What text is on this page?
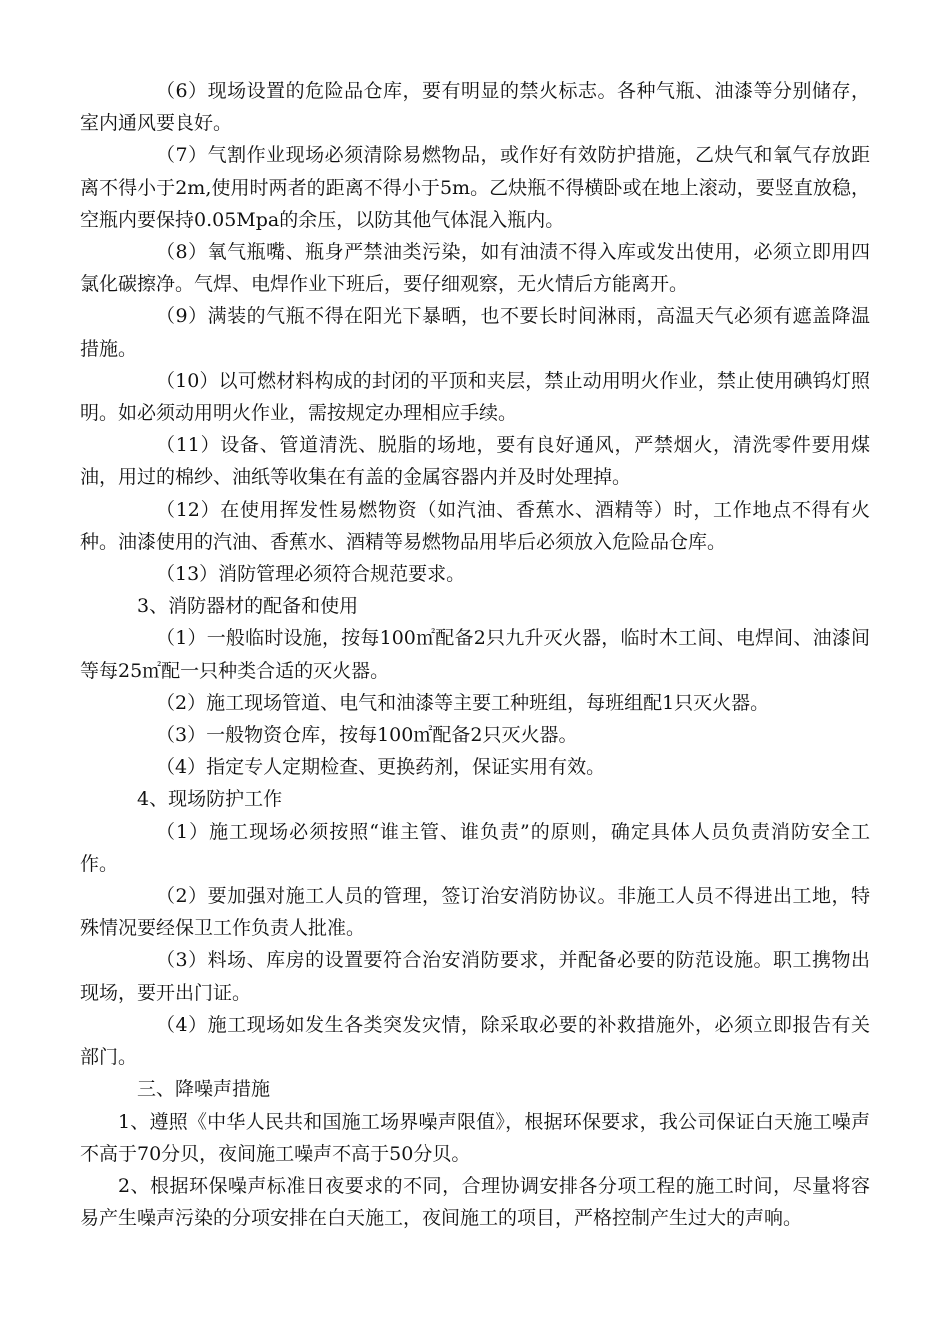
（6）现场设置的危险品仓库，要有明显的禁火标志。各种气瓶、油漆等分别储存，室内通风要良好。

（7）气割作业现场必须清除易燃物品，或作好有效防护措施，乙炔气和氧气存放距离不得小于2m,使用时两者的距离不得小于5m。乙炔瓶不得横卧或在地上滚动，要竖直放稳，空瓶内要保持0.05Mpa的余压，以防其他气体混入瓶内。

（8）氧气瓶嘴、瓶身严禁油类污染，如有油渍不得入库或发出使用，必须立即用四氯化碳擦净。气焊、电焊作业下班后，要仔细观察，无火情后方能离开。

（9）满装的气瓶不得在阳光下暴晒，也不要长时间淋雨，高温天气必须有遮盖降温措施。

（10）以可燃材料构成的封闭的平顶和夹层，禁止动用明火作业，禁止使用碘钨灯照明。如必须动用明火作业，需按规定办理相应手续。

（11）设备、管道清洗、脱脂的场地，要有良好通风，严禁烟火，清洗零件要用煤油，用过的棉纱、油纸等收集在有盖的金属容器内并及时处理掉。

（12）在使用挥发性易燃物资（如汽油、香蕉水、酒精等）时，工作地点不得有火种。油漆使用的汽油、香蕉水、酒精等易燃物品用毕后必须放入危险品仓库。

（13）消防管理必须符合规范要求。

3、消防器材的配备和使用

（1）一般临时设施，按每100㎡配备2只九升灭火器，临时木工间、电焊间、油漆间等每25㎡配一只种类合适的灭火器。

（2）施工现场管道、电气和油漆等主要工种班组，每班组配1只灭火器。

（3）一般物资仓库，按每100㎡配备2只灭火器。

（4）指定专人定期检查、更换药剂，保证实用有效。

4、现场防护工作

（1）施工现场必须按照“谁主管、谁负责”的原则，确定具体人员负责消防安全工作。

（2）要加强对施工人员的管理，签订治安消防协议。非施工人员不得进出工地，特殊情况要经保卫工作负责人批准。

（3）料场、库房的设置要符合治安消防要求，并配备必要的防范设施。职工携物出现场，要开出门证。

（4）施工现场如发生各类突发灾情，除采取必要的补救措施外，必须立即报告有关部门。

三、降噪声措施

1、遵照《中华人民共和国施工场界噪声限值》，根据环保要求，我公司保证白天施工噪声不高于70分贝，夜间施工噪声不高于50分贝。

2、根据环保噪声标准日夜要求的不同，合理协调安排各分项工程的施工时间，尽量将容易产生噪声污染的分项安排在白天施工，夜间施工的项目，严格控制产生过大的声响。
